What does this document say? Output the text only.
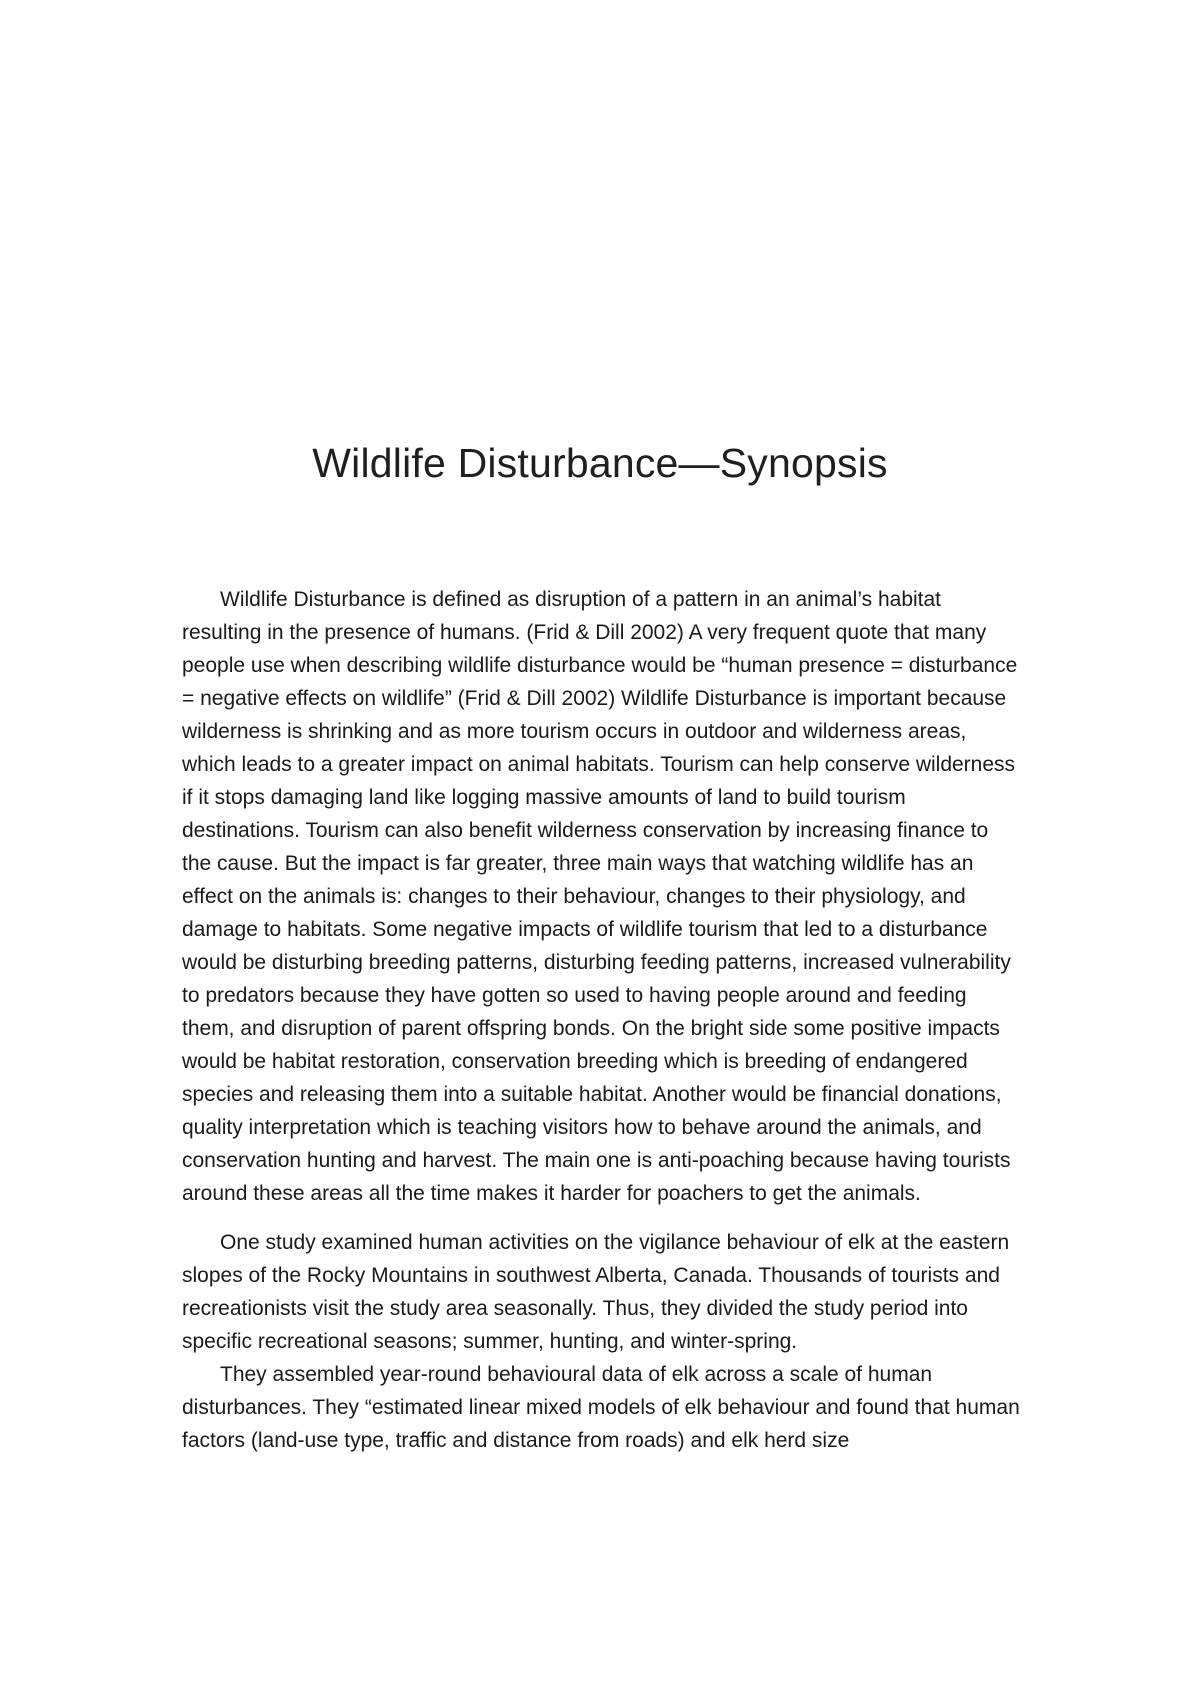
Wildlife Disturbance—Synopsis

Wildlife Disturbance is defined as disruption of a pattern in an animal’s habitat resulting in the presence of humans. (Frid & Dill 2002) A very frequent quote that many people use when describing wildlife disturbance would be “human presence = disturbance = negative effects on wildlife” (Frid & Dill 2002) Wildlife Disturbance is important because wilderness is shrinking and as more tourism occurs in outdoor and wilderness areas, which leads to a greater impact on animal habitats. Tourism can help conserve wilderness if it stops damaging land like logging massive amounts of land to build tourism destinations. Tourism can also benefit wilderness conservation by increasing finance to the cause. But the impact is far greater, three main ways that watching wildlife has an effect on the animals is: changes to their behaviour, changes to their physiology, and damage to habitats. Some negative impacts of wildlife tourism that led to a disturbance would be disturbing breeding patterns, disturbing feeding patterns, increased vulnerability to predators because they have gotten so used to having people around and feeding them, and disruption of parent offspring bonds. On the bright side some positive impacts would be habitat restoration, conservation breeding which is breeding of endangered species and releasing them into a suitable habitat. Another would be financial donations, quality interpretation which is teaching visitors how to behave around the animals, and conservation hunting and harvest. The main one is anti-poaching because having tourists around these areas all the time makes it harder for poachers to get the animals.

One study examined human activities on the vigilance behaviour of elk at the eastern slopes of the Rocky Mountains in southwest Alberta, Canada. Thousands of tourists and recreationists visit the study area seasonally. Thus, they divided the study period into specific recreational seasons; summer, hunting, and winter-spring.

They assembled year-round behavioural data of elk across a scale of human disturbances. They “estimated linear mixed models of elk behaviour and found that human factors (land-use type, traffic and distance from roads) and elk herd size
